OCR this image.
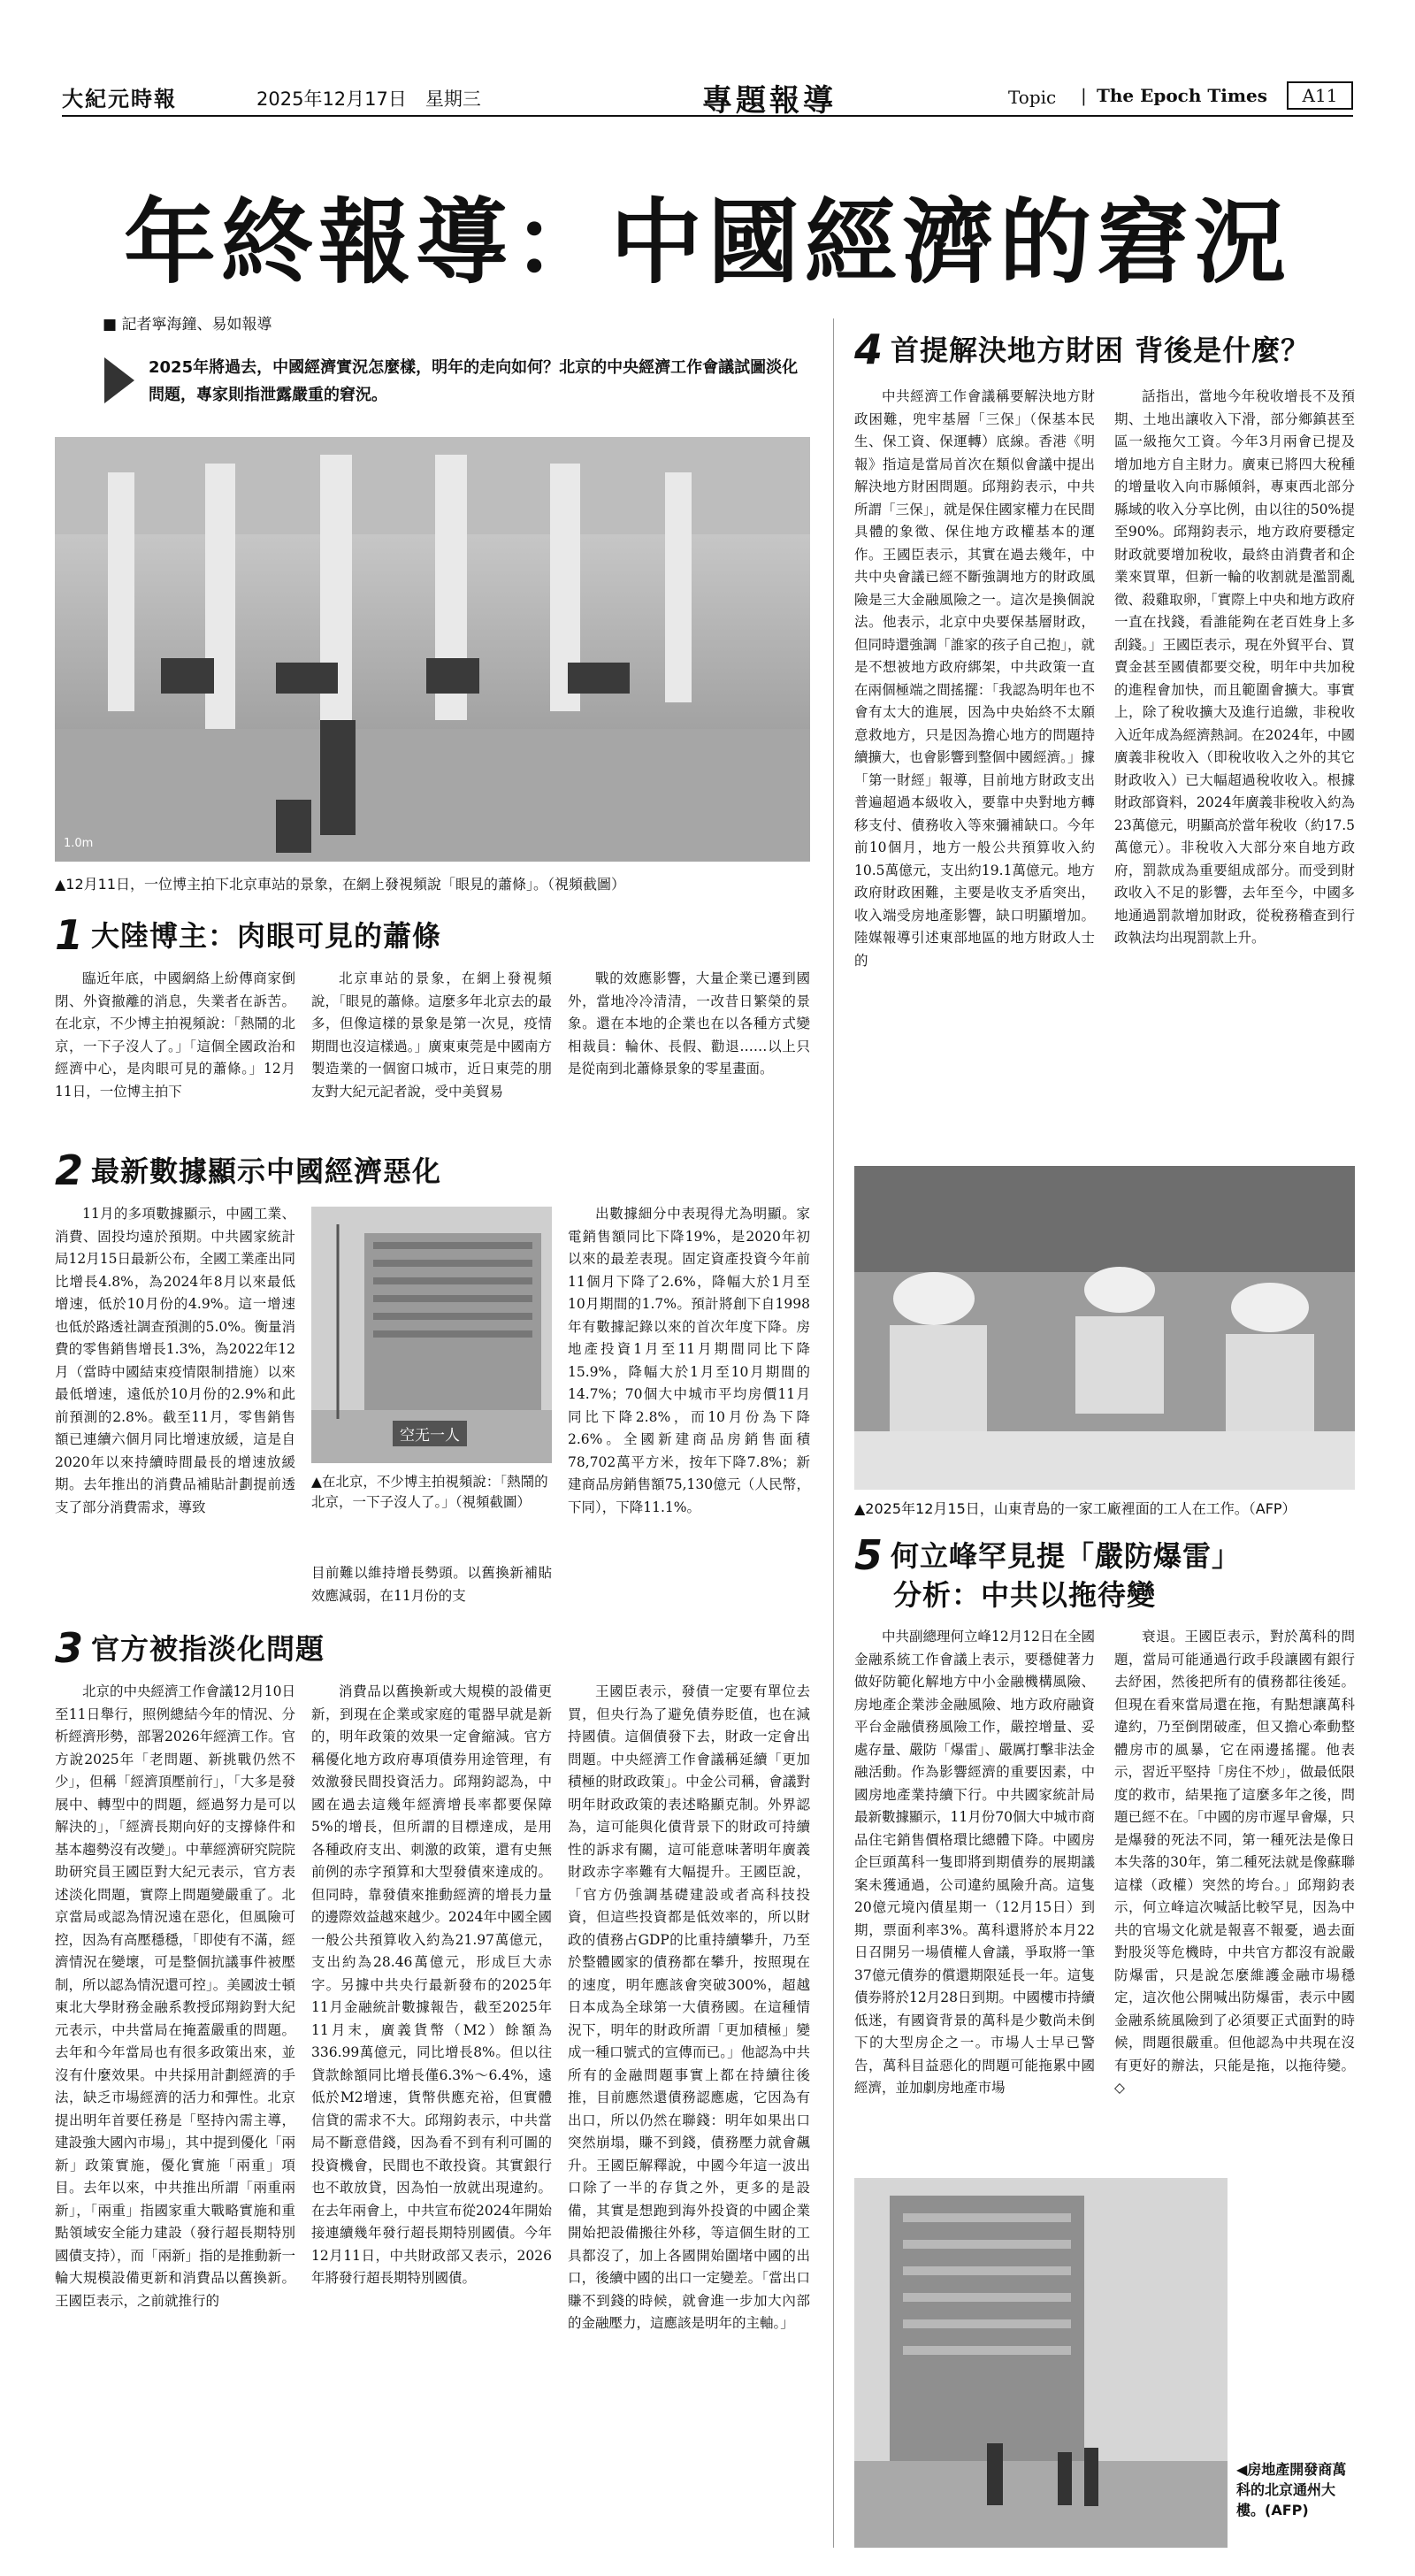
大紀元時報	2025年12月17日　星期三	專題報導	Topic | The Epoch Times	A11
年終報導：中國經濟的窘況
■ 記者寧海鐘、易如報導
2025年將過去，中國經濟實況怎麼樣，明年的走向如何？北京的中央經濟工作會議試圖淡化問題，專家則指泄露嚴重的窘況。
1.0m
▲12月11日，一位博主拍下北京車站的景象，在網上發視頻說「眼見的蕭條」。（視頻截圖）
1 大陸博主：肉眼可見的蕭條

臨近年底，中國網絡上紛傳商家倒閉、外資撤離的消息，失業者在訴苦。在北京，不少博主拍視頻說：「熱鬧的北京，一下子沒人了。」「這個全國政治和經濟中心，是肉眼可見的蕭條。」12月11日，一位博主拍下

北京車站的景象，在網上發視頻說，「眼見的蕭條。這麼多年北京去的最多，但像這樣的景象是第一次見，疫情期間也沒這樣過。」廣東東莞是中國南方製造業的一個窗口城市，近日東莞的朋友對大紀元記者說，受中美貿易

戰的效應影響，大量企業已遷到國外，當地冷冷清清，一改昔日繁榮的景象。還在本地的企業也在以各種方式變相裁員：輪休、長假、勸退……以上只是從南到北蕭條景象的零星畫面。

2 最新數據顯示中國經濟惡化

11月的多項數據顯示，中國工業、消費、固投均遠於預期。中共國家統計局12月15日最新公布，全國工業產出同比增長4.8%，為2024年8月以來最低增速，低於10月份的4.9%。這一增速也低於路透社調查預測的5.0%。衡量消費的零售銷售增長1.3%，為2022年12月（當時中國結束疫情限制措施）以來最低增速，遠低於10月份的2.9%和此前預測的2.8%。截至11月，零售銷售額已連續六個月同比增速放緩，這是自2020年以來持續時間最長的增速放緩期。去年推出的消費品補貼計劃提前透支了部分消費需求，導致

空无一人
▲在北京，不少博主拍視頻說：「熱鬧的北京，一下子沒人了。」（視頻截圖）

目前難以維持增長勢頭。以舊換新補貼效應減弱，在11月份的支

出數據細分中表現得尤為明顯。家電銷售額同比下降19%，是2020年初以來的最差表現。固定資產投資今年前11個月下降了2.6%，降幅大於1月至10月期間的1.7%。預計將創下自1998年有數據記錄以來的首次年度下降。房地產投資1月至11月期間同比下降15.9%，降幅大於1月至10月期間的14.7%；70個大中城市平均房價11月同比下降2.8%，而10月份為下降2.6%。全國新建商品房銷售面積78,702萬平方米，按年下降7.8%；新建商品房銷售額75,130億元（人民幣，下同），下降11.1%。

3 官方被指淡化問題

北京的中央經濟工作會議12月10日至11日舉行，照例總結今年的情況、分析經濟形勢，部署2026年經濟工作。官方說2025年「老問題、新挑戰仍然不少」，但稱「經濟頂壓前行」，「大多是發展中、轉型中的問題，經過努力是可以解決的」，「經濟長期向好的支撐條件和基本趨勢沒有改變」。中華經濟研究院院助研究員王國臣對大紀元表示，官方表述淡化問題，實際上問題變嚴重了。北京當局或認為情況遠在惡化，但風險可控，因為有高壓穩穩，「即使有不滿，經濟情況在變壞，可是整個抗議事件被壓制，所以認為情況還可控」。美國波士頓東北大學財務金融系教授邱翔鈞對大紀元表示，中共當局在掩蓋嚴重的問題。去年和今年當局也有很多政策出來，並沒有什麼效果。中共採用計劃經濟的手法，缺乏市場經濟的活力和彈性。北京提出明年首要任務是「堅持內需主導，建設強大國內市場」，其中提到優化「兩新」政策實施，優化實施「兩重」項目。去年以來，中共推出所謂「兩重兩新」，「兩重」指國家重大戰略實施和重點領域安全能力建設（發行超長期特別國債支持），而「兩新」指的是推動新一輪大規模設備更新和消費品以舊換新。王國臣表示，之前就推行的

消費品以舊換新或大規模的設備更新，到現在企業或家庭的電器早就是新的，明年政策的效果一定會縮減。官方稱優化地方政府專項債券用途管理，有效激發民間投資活力。邱翔鈞認為，中國在過去這幾年經濟增長率都要保障5%的增長，但所謂的目標達成，是用各種政府支出、刺激的政策，還有史無前例的赤字預算和大型發債來達成的。但同時，靠發債來推動經濟的增長力量的邊際效益越來越少。2024年中國全國一般公共預算收入約為21.97萬億元，支出約為28.46萬億元，形成巨大赤字。另據中共央行最新發布的2025年11月金融統計數據報告，截至2025年11月末，廣義貨幣（M2）餘額為336.99萬億元，同比增長8%。但以往貸款餘額同比增長僅6.3%～6.4%，遠低於M2增速，貨幣供應充裕，但實體信貸的需求不大。邱翔鈞表示，中共當局不斷意借錢，因為看不到有利可圖的投資機會，民間也不敢投資。其實銀行也不敢放貸，因為怕一放就出現違約。在去年兩會上，中共宣布從2024年開始接連續幾年發行超長期特別國債。今年12月11日，中共財政部又表示，2026年將發行超長期特別國債。

王國臣表示，發債一定要有單位去買，但央行為了避免債券貶值，也在減持國債。這個債發下去，財政一定會出問題。中央經濟工作會議稱延續「更加積極的財政政策」。中金公司稱，會議對明年財政政策的表述略顯克制。外界認為，這可能與化債背景下的財政可持續性的訴求有關，這可能意味著明年廣義財政赤字率難有大幅提升。王國臣說，「官方仍強調基礎建設或者高科技投資，但這些投資都是低效率的，所以財政的債務占GDP的比重持續攀升，乃至於整體國家的債務都在攀升，按照現在的速度，明年應該會突破300%，超越日本成為全球第一大債務國。在這種情況下，明年的財政所謂「更加積極」變成一種口號式的宣傳而已。」他認為中共所有的金融問題事實上都在持續往後推，目前應然還債務認應處，它因為有出口，所以仍然在聯錢：明年如果出口突然崩塌，賺不到錢，債務壓力就會飆升。王國臣解釋說，中國今年這一波出口除了一半的存貨之外，更多的是設備，其實是想跑到海外投資的中國企業開始把設備搬往外移，等這個生財的工具都沒了，加上各國開始圍堵中國的出口，後續中國的出口一定變差。「當出口賺不到錢的時候，就會進一步加大內部的金融壓力，這應該是明年的主軸。」

4 首提解決地方財困 背後是什麼？

中共經濟工作會議稱要解決地方財政困難，兜牢基層「三保」（保基本民生、保工資、保運轉）底線。香港《明報》指這是當局首次在類似會議中提出解決地方財困問題。邱翔鈞表示，中共所謂「三保」，就是保住國家權力在民間具體的象徵、保住地方政權基本的運作。王國臣表示，其實在過去幾年，中共中央會議已經不斷強調地方的財政風險是三大金融風險之一。這次是換個說法。他表示，北京中央要保基層財政，但同時還強調「誰家的孩子自己抱」，就是不想被地方政府綁架，中共政策一直在兩個極端之間搖擺：「我認為明年也不會有太大的進展，因為中央始終不太願意救地方，只是因為擔心地方的問題持續擴大，也會影響到整個中國經濟。」據「第一財經」報導，目前地方財政支出普遍超過本級收入，要靠中央對地方轉移支付、債務收入等來彌補缺口。今年前10個月，地方一般公共預算收入約10.5萬億元，支出約19.1萬億元。地方政府財政困難，主要是收支矛盾突出，收入端受房地產影響，缺口明顯增加。陸媒報導引述東部地區的地方財政人士的

話指出，當地今年稅收增長不及預期、土地出讓收入下滑，部分鄉鎮甚至區一級拖欠工資。今年3月兩會已提及增加地方自主財力。廣東已將四大稅種的增量收入向市縣傾斜，專東西北部分縣域的收入分享比例，由以往的50%提至90%。邱翔鈞表示，地方政府要穩定財政就要增加稅收，最終由消費者和企業來買單，但新一輪的收割就是濫罰亂徵、殺雞取卵，「實際上中央和地方政府一直在找錢，看誰能夠在老百姓身上多刮錢。」王國臣表示，現在外貿平台、買賣金甚至國債都要交稅，明年中共加稅的進程會加快，而且範圍會擴大。事實上，除了稅收擴大及進行追繳，非稅收入近年成為經濟熱詞。在2024年，中國廣義非稅收入（即稅收收入之外的其它財政收入）已大幅超過稅收收入。根據財政部資料，2024年廣義非稅收入約為23萬億元，明顯高於當年稅收（約17.5萬億元）。非稅收入大部分來自地方政府，罰款成為重要組成部分。而受到財政收入不足的影響，去年至今，中國多地通過罰款增加財政，從稅務稽查到行政執法均出現罰款上升。

▲2025年12月15日，山東青島的一家工廠裡面的工人在工作。（AFP）
5 何立峰罕見提「嚴防爆雷」
分析：中共以拖待變

中共副總理何立峰12月12日在全國金融系統工作會議上表示，要穩健著力做好防範化解地方中小金融機構風險、房地產企業涉金融風險、地方政府融資平台金融債務風險工作，嚴控增量、妥處存量、嚴防「爆雷」、嚴厲打擊非法金融活動。作為影響經濟的重要因素，中國房地產業持續下行。中共國家統計局最新數據顯示，11月份70個大中城市商品住宅銷售價格環比總體下降。中國房企巨頭萬科一隻即將到期債券的展期議案未獲通過，公司違約風險升高。這隻20億元境內債星期一（12月15日）到期，票面利率3%。萬科還將於本月22日召開另一場債權人會議，爭取將一筆37億元債券的償還期限延長一年。這隻債券將於12月28日到期。中國樓市持續低迷，有國資背景的萬科是少數尚未倒下的大型房企之一。市場人士早已警告，萬科目益惡化的問題可能拖累中國經濟，並加劇房地產市場

衰退。王國臣表示，對於萬科的問題，當局可能通過行政手段讓國有銀行去紓困，然後把所有的債務都往後延。但現在看來當局還在拖，有點想讓萬科違約，乃至倒閉破產，但又擔心牽動整體房市的風暴，它在兩邊搖擺。他表示，習近平堅持「房住不炒」，做最低限度的救市，結果拖了這麼多年之後，問題已經不在。「中國的房市遲早會爆，只是爆發的死法不同，第一種死法是像日本失落的30年，第二種死法就是像蘇聯這樣（政權）突然的垮台。」邱翔鈞表示，何立峰這次喊話比較罕見，因為中共的官場文化就是報喜不報憂，過去面對股災等危機時，中共官方都沒有說嚴防爆雷，只是說怎麼維護金融市場穩定，這次他公開喊出防爆雷，表示中國金融系統風險到了必須要正式面對的時候，問題很嚴重。但他認為中共現在沒有更好的辦法，只能是拖，以拖待變。◇

◀房地產開發商萬科的北京通州大樓。(AFP)
